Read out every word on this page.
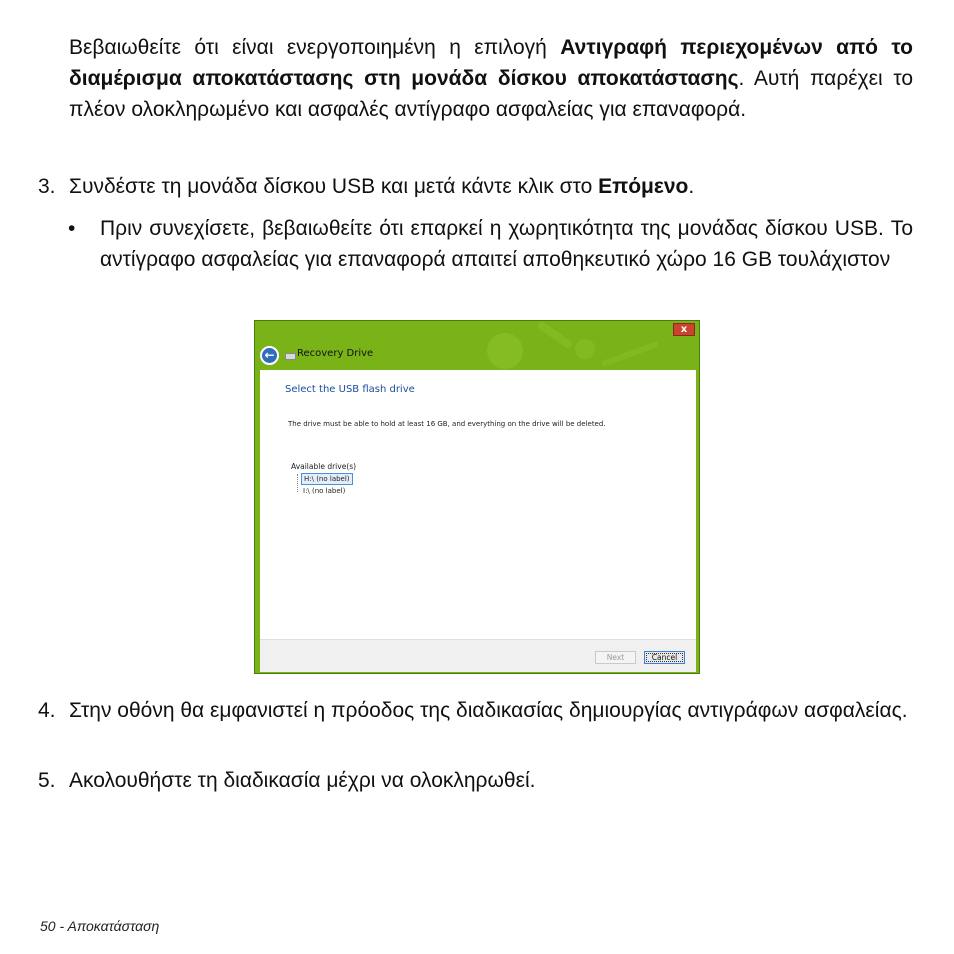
Βεβαιωθείτε ότι είναι ενεργοποιημένη η επιλογή Αντιγραφή περιεχομένων από το διαμέρισμα αποκατάστασης στη μονάδα δίσκου αποκατάστασης. Αυτή παρέχει το πλέον ολοκληρωμένο και ασφαλές αντίγραφο ασφαλείας για επαναφορά.

3. Συνδέστε τη μονάδα δίσκου USB και μετά κάντε κλικ στο Επόμενο.

• Πριν συνεχίσετε, βεβαιωθείτε ότι επαρκεί η χωρητικότητα της μονάδας δίσκου USB. Το αντίγραφο ασφαλείας για επαναφορά απαιτεί αποθηκευτικό χώρο 16 GB τουλάχιστον

x
←	Recovery Drive
Select the USB flash drive
The drive must be able to hold at least 16 GB, and everything on the drive will be deleted.
Available drive(s)
H:\ (no label)
I:\ (no label)
Next	Cancel
4. Στην οθόνη θα εμφανιστεί η πρόοδος της διαδικασίας δημιουργίας αντιγράφων ασφαλείας.

5. Ακολουθήστε τη διαδικασία μέχρι να ολοκληρωθεί.

50 - Αποκατάσταση
